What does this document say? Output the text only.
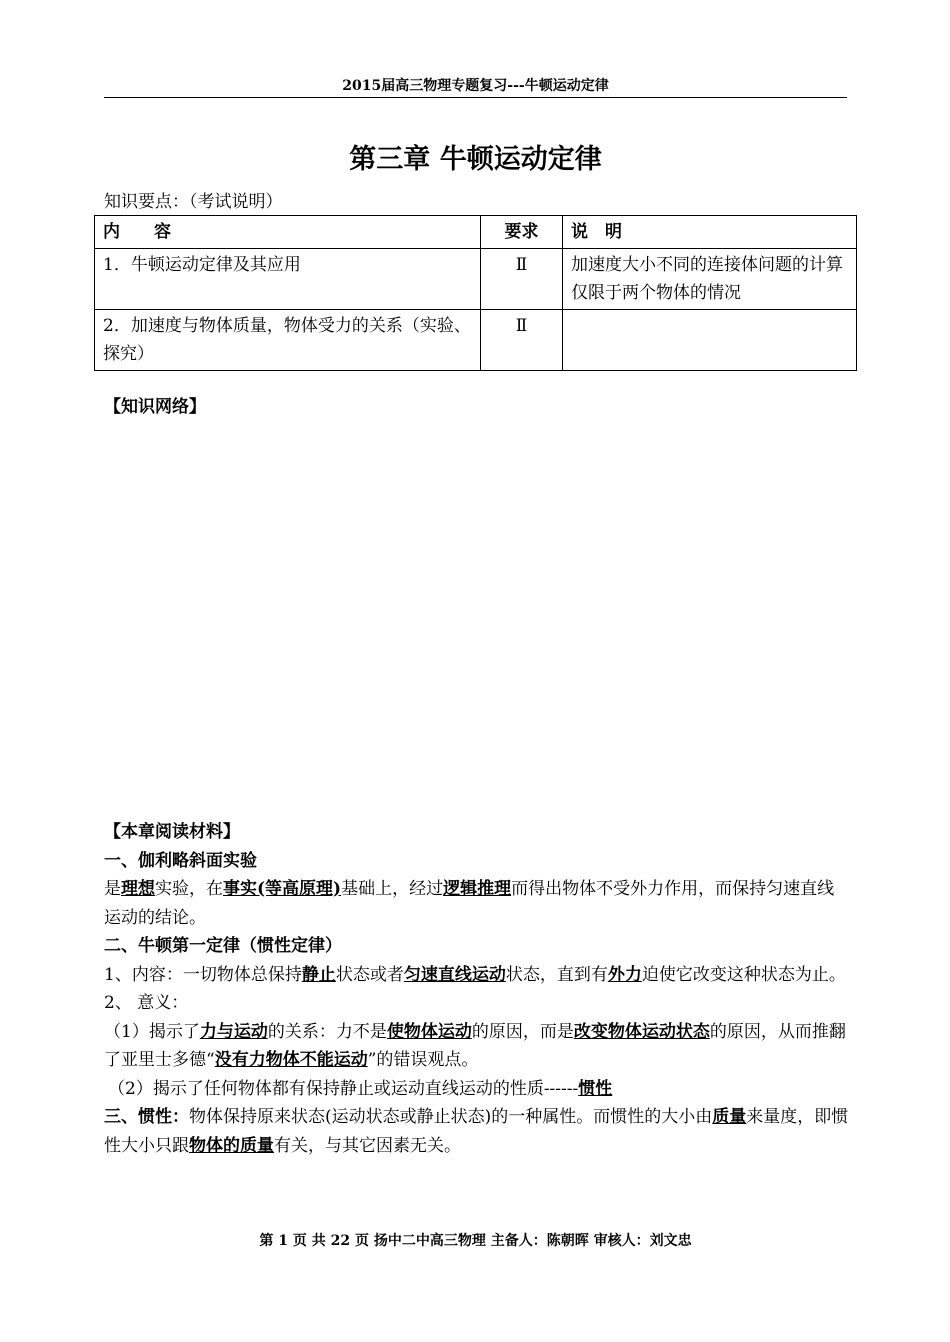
2015届高三物理专题复习---牛顿运动定律
第三章 牛顿运动定律
知识要点：（考试说明）
内　　容	要求	说　明
1．牛顿运动定律及其应用	Ⅱ	加速度大小不同的连接体问题的计算仅限于两个物体的情况
2．加速度与物体质量，物体受力的关系（实验、探究）	Ⅱ	
【知识网络】

【本章阅读材料】

一、伽利略斜面实验

是理想实验，在事实(等高原理)基础上，经过逻辑推理而得出物体不受外力作用，而保持匀速直线运动的结论。

二、牛顿第一定律（惯性定律）

1、内容：一切物体总保持静止状态或者匀速直线运动状态，直到有外力迫使它改变这种状态为止。

2、 意义：

（1）揭示了力与运动的关系：力不是使物体运动的原因，而是改变物体运动状态的原因，从而推翻了亚里士多德“没有力物体不能运动”的错误观点。

（2）揭示了任何物体都有保持静止或运动直线运动的性质------惯性

三、惯性：物体保持原来状态(运动状态或静止状态)的一种属性。而惯性的大小由质量来量度，即惯性大小只跟物体的质量有关，与其它因素无关。

第 1 页 共 22 页 扬中二中高三物理 主备人：陈朝晖 审核人：刘文忠
